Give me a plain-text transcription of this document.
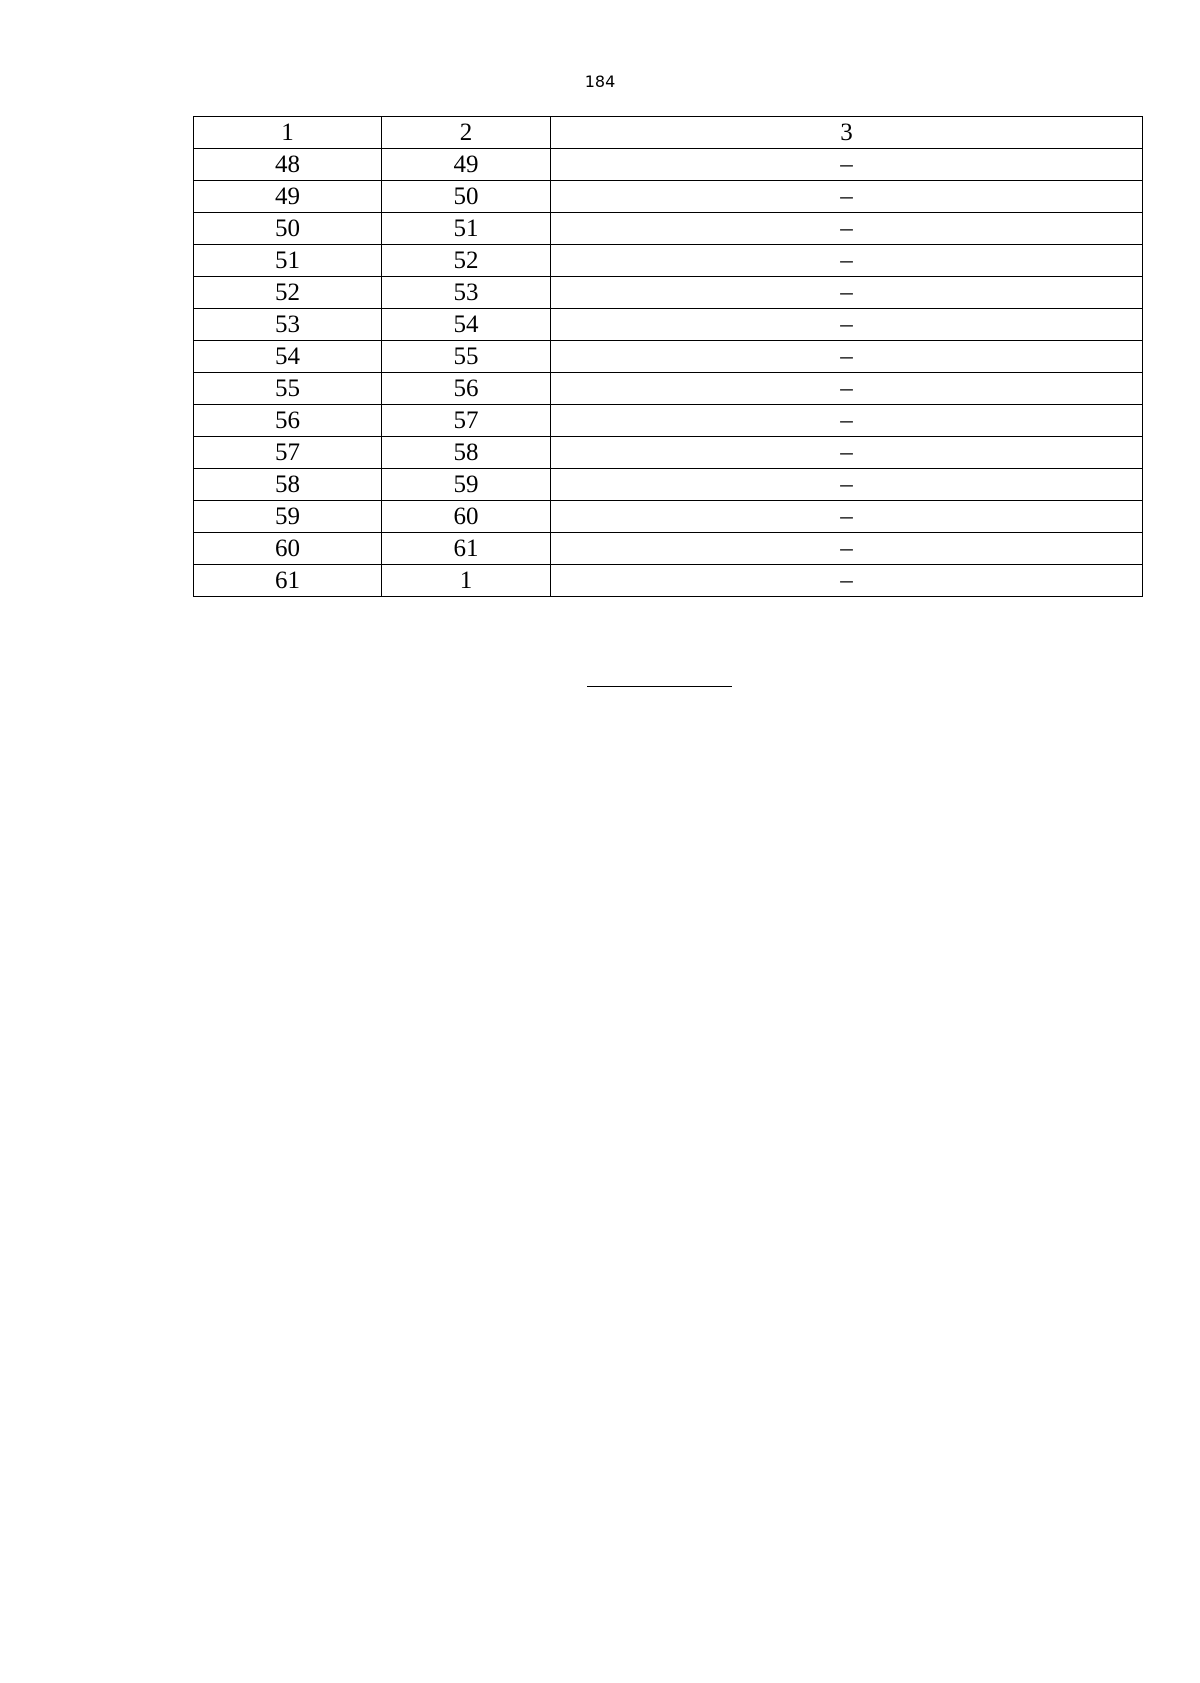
184
1	2	3
48	49	–
49	50	–
50	51	–
51	52	–
52	53	–
53	54	–
54	55	–
55	56	–
56	57	–
57	58	–
58	59	–
59	60	–
60	61	–
61	1	–
